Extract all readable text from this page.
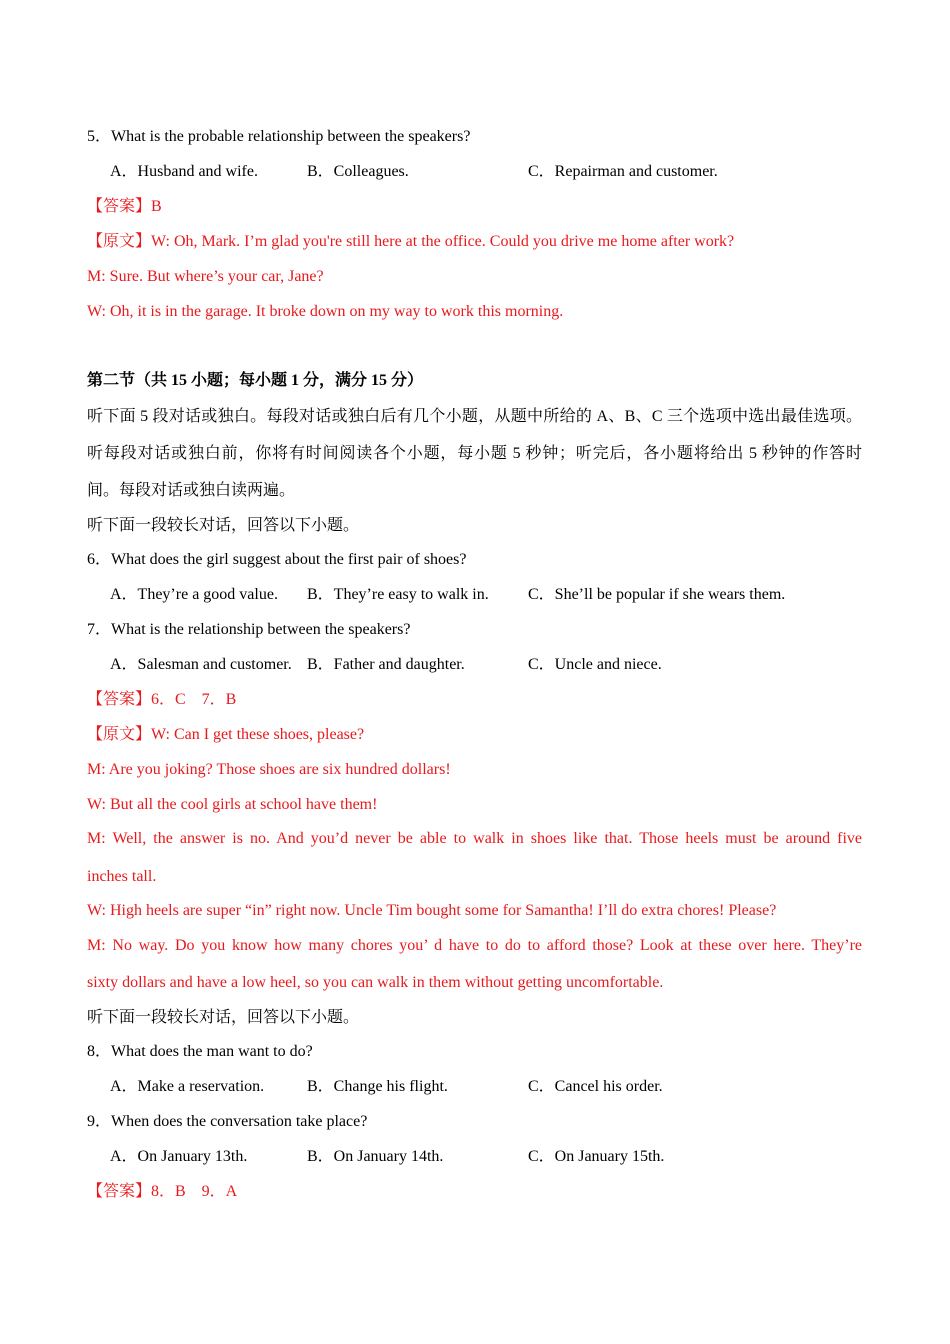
5．What is the probable relationship between the speakers?
A．Husband and wife.	B．Colleagues.	C．Repairman and customer.
【答案】B
【原文】W: Oh, Mark. I’m glad you're still here at the office. Could you drive me home after work?
M: Sure. But where’s your car, Jane?
W: Oh, it is in the garage. It broke down on my way to work this morning.
第二节（共 15 小题；每小题 1 分，满分 15 分）
听下面 5 段对话或独白。每段对话或独白后有几个小题，从题中所给的 A、B、C 三个选项中选出最佳选项。
听每段对话或独白前，你将有时间阅读各个小题，每小题 5 秒钟；听完后，各小题将给出 5 秒钟的作答时
间。每段对话或独白读两遍。
听下面一段较长对话，回答以下小题。
6．What does the girl suggest about the first pair of shoes?
A．They’re a good value. B．They’re easy to walk in. C．She’ll be popular if she wears them.
7．What is the relationship between the speakers?
A．Salesman and customer. B．Father and daughter.	C．Uncle and niece.
【答案】6．C    7．B
【原文】W: Can I get these shoes, please?
M: Are you joking? Those shoes are six hundred dollars!
W: But all the cool girls at school have them!
M: Well, the answer is no. And you’d never be able to walk in shoes like that. Those heels must be around five
inches tall.
W: High heels are super “in” right now. Uncle Tim bought some for Samantha! I’ll do extra chores! Please?
M: No way. Do you know how many chores you’ d have to do to afford those? Look at these over here. They’re
sixty dollars and have a low heel, so you can walk in them without getting uncomfortable.
听下面一段较长对话，回答以下小题。
8．What does the man want to do?
A．Make a reservation.	B．Change his flight.	C．Cancel his order.
9．When does the conversation take place?
A．On January 13th.	B．On January 14th.	C．On January 15th.
【答案】8．B    9．A
